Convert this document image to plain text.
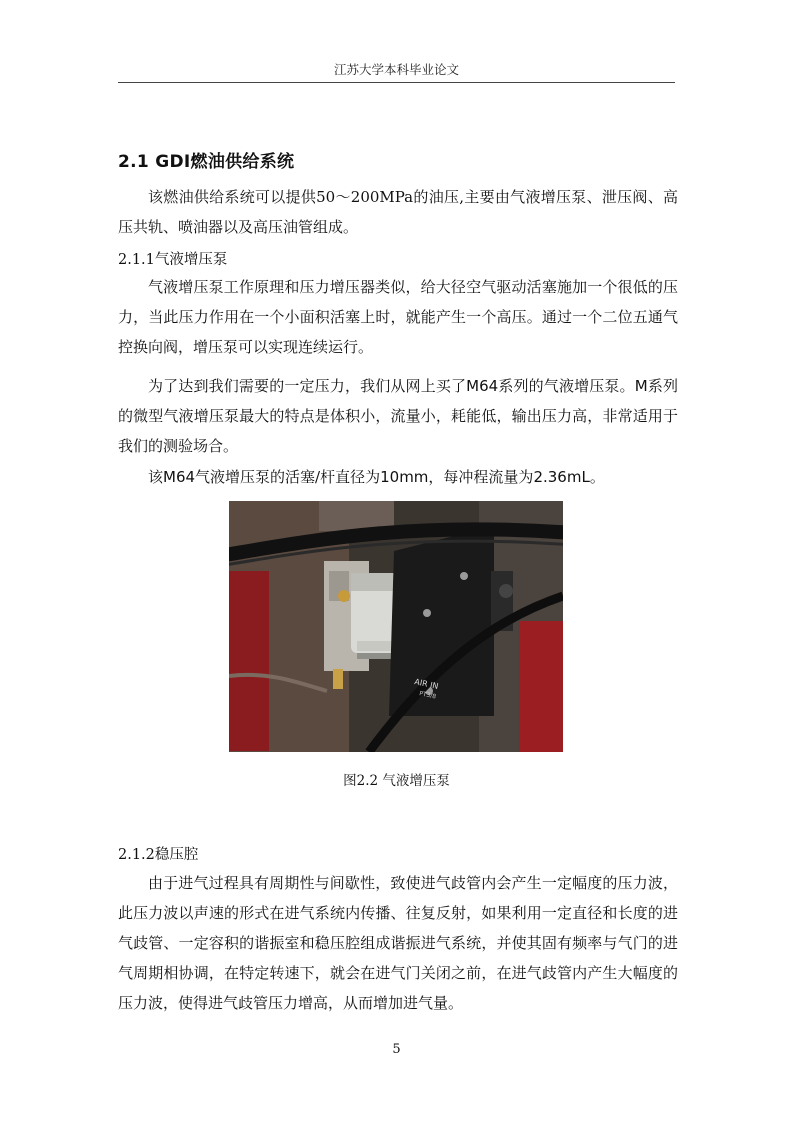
江苏大学本科毕业论文
2.1 GDI燃油供给系统

该燃油供给系统可以提供50～200MPa的油压,主要由气液增压泵、泄压阀、高压共轨、喷油器以及高压油管组成。

2.1.1气液增压泵

气液增压泵工作原理和压力增压器类似，给大径空气驱动活塞施加一个很低的压力，当此压力作用在一个小面积活塞上时，就能产生一个高压。通过一个二位五通气控换向阀，增压泵可以实现连续运行。

为了达到我们需要的一定压力，我们从网上买了M64系列的气液增压泵。M系列的微型气液增压泵最大的特点是体积小，流量小，耗能低，输出压力高，非常适用于我们的测验场合。

该M64气液增压泵的活塞/杆直径为10mm，每冲程流量为2.36mL。

AIR IN
PT3/8
图2.2 气液增压泵
2.1.2稳压腔

由于进气过程具有周期性与间歇性，致使进气歧管内会产生一定幅度的压力波，此压力波以声速的形式在进气系统内传播、往复反射，如果利用一定直径和长度的进气歧管、一定容积的谐振室和稳压腔组成谐振进气系统，并使其固有频率与气门的进气周期相协调，在特定转速下，就会在进气门关闭之前，在进气歧管内产生大幅度的压力波，使得进气歧管压力增高，从而增加进气量。

5
